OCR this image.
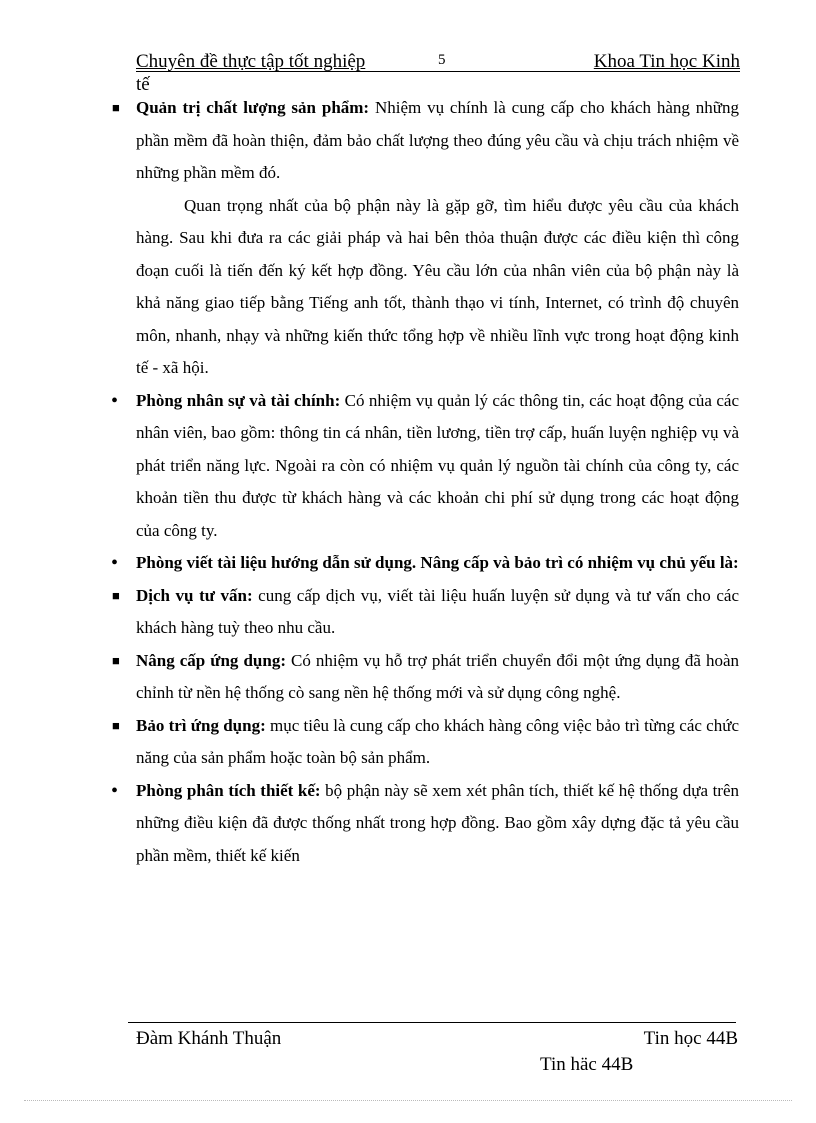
Chuyên đề thực tập tốt nghiệp	5	Khoa Tin học Kinh
tế

■ Quản trị chất lượng sản phẩm: Nhiệm vụ chính là cung cấp cho khách hàng những phần mềm đã hoàn thiện, đảm bảo chất lượng theo đúng yêu cầu và chịu trách nhiệm về những phần mềm đó.

Quan trọng nhất của bộ phận này là gặp gỡ, tìm hiểu được yêu cầu của khách hàng. Sau khi đưa ra các giải pháp và hai bên thỏa thuận được các điều kiện thì công đoạn cuối là tiến đến ký kết hợp đồng. Yêu cầu lớn của nhân viên của bộ phận này là khả năng giao tiếp bằng Tiếng anh tốt, thành thạo vi tính, Internet, có trình độ chuyên môn, nhanh, nhạy và những kiến thức tổng hợp về nhiều lĩnh vực trong hoạt động kinh tế - xã hội.

• Phòng nhân sự và tài chính: Có nhiệm vụ quản lý các thông tin, các hoạt động của các nhân viên, bao gồm: thông tin cá nhân, tiền lương, tiền trợ cấp, huấn luyện nghiệp vụ và phát triển năng lực. Ngoài ra còn có nhiệm vụ quản lý nguồn tài chính của công ty, các khoản tiền thu được từ khách hàng và các khoản chi phí sử dụng trong các hoạt động của công ty.

• Phòng viết tài liệu hướng dẫn sử dụng. Nâng cấp và bảo trì có nhiệm vụ chủ yếu là:

■ Dịch vụ tư vấn: cung cấp dịch vụ, viết tài liệu huấn luyện sử dụng và tư vấn cho các khách hàng tuỳ theo nhu cầu.

■ Nâng cấp ứng dụng: Có nhiệm vụ hỗ trợ phát triển chuyển đổi một ứng dụng đã hoàn chỉnh từ nền hệ thống cò sang nền hệ thống mới và sử dụng công nghệ.

■ Bảo trì ứng dụng: mục tiêu là cung cấp cho khách hàng công việc bảo trì từng các chức năng của sản phẩm hoặc toàn bộ sản phẩm.

• Phòng phân tích thiết kế: bộ phận này sẽ xem xét phân tích, thiết kế hệ thống dựa trên những điều kiện đã được thống nhất trong hợp đồng. Bao gồm xây dựng đặc tả yêu cầu phần mềm, thiết kế kiến

Đàm Khánh Thuận	Tin học 44B
Tin häc 44B
